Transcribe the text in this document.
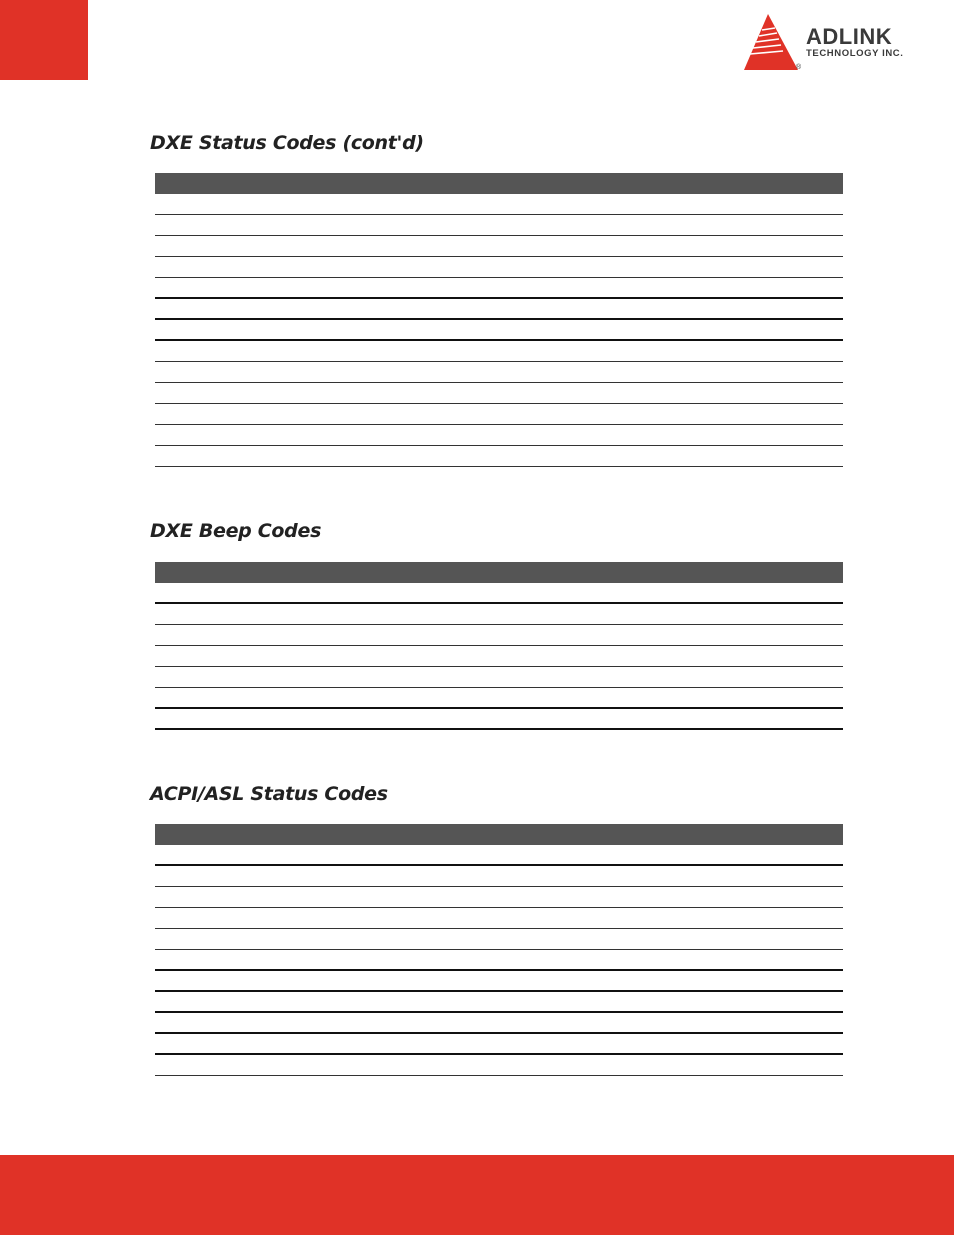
ADLINK
TECHNOLOGY INC.
®
DXE Status Codes (cont'd)
DXE Beep Codes
ACPI/ASL Status Codes
